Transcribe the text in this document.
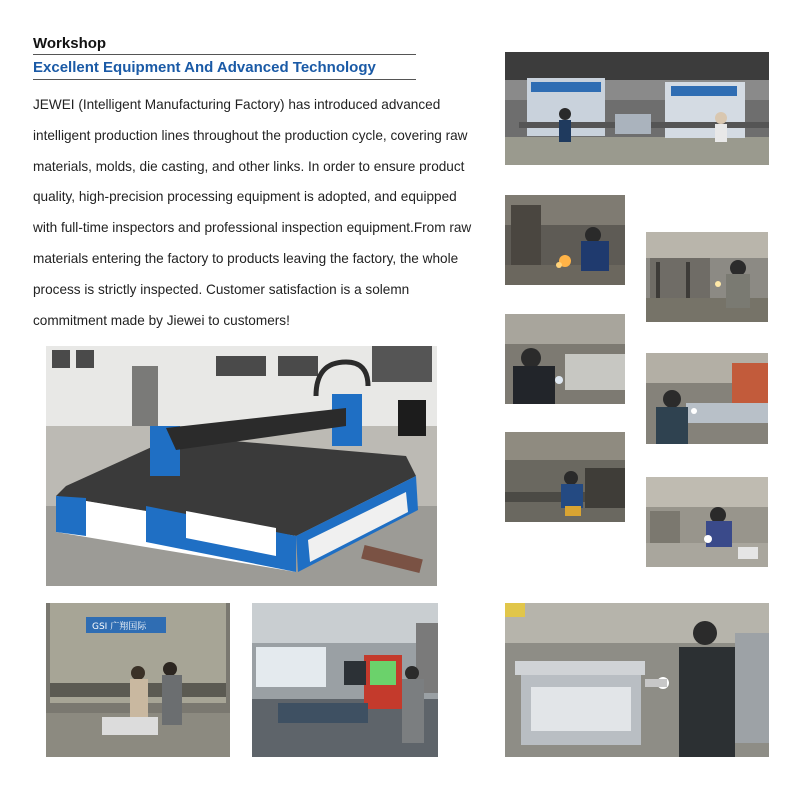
Workshop
Excellent Equipment And Advanced Technology
JEWEI (Intelligent Manufacturing Factory) has introduced advanced intelligent production lines throughout the production cycle, covering raw materials, molds, die casting, and other links. In order to ensure product quality, high-precision processing equipment is adopted, and equipped with full-time inspectors and professional inspection equipment.From raw materials entering the factory to products leaving the factory, the whole process is strictly inspected. Customer satisfaction is a solemn commitment made by Jiewei to customers!
GSI 广翔国际
